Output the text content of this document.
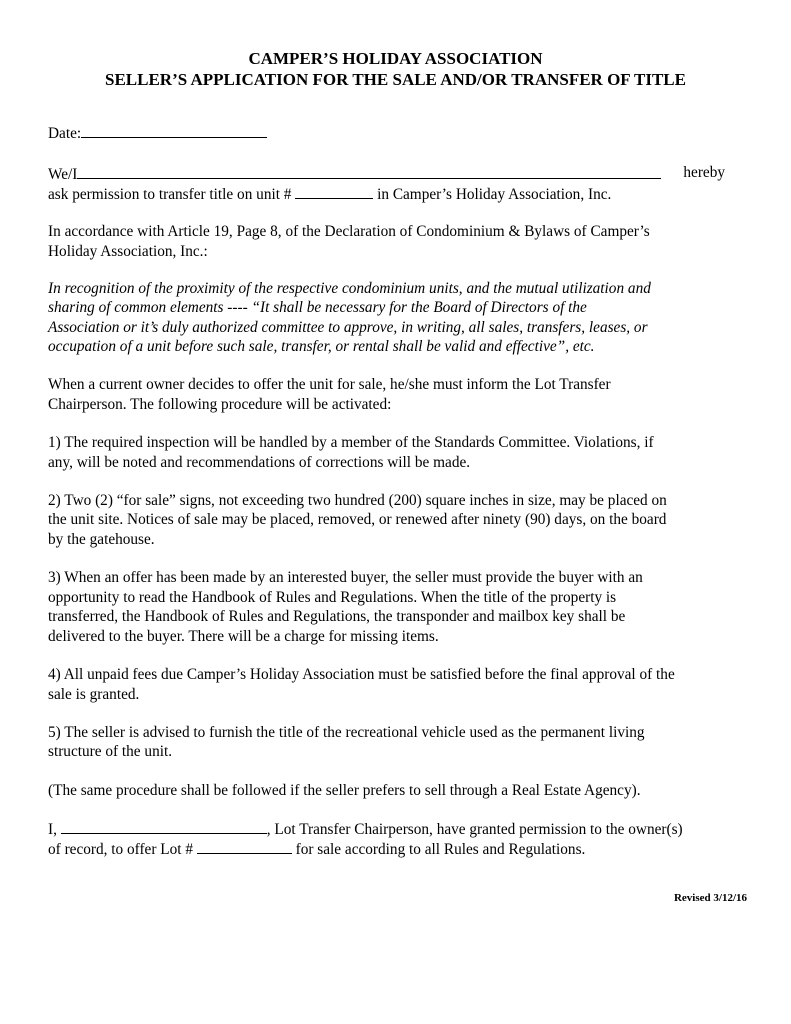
CAMPER’S HOLIDAY ASSOCIATION
SELLER’S APPLICATION FOR THE SALE AND/OR TRANSFER OF TITLE
Date:
We/I	hereby
ask permission to transfer title on unit #	in Camper’s Holiday Association, Inc.
In accordance with Article 19, Page 8, of the Declaration of Condominium & Bylaws of Camper’s
Holiday Association, Inc.:
In recognition of the proximity of the respective condominium units, and the mutual utilization and
sharing of common elements ---- “It shall be necessary for the Board of Directors of the
Association or it’s duly authorized committee to approve, in writing, all sales, transfers, leases, or
occupation of a unit before such sale, transfer, or rental shall be valid and effective”, etc.
When a current owner decides to offer the unit for sale, he/she must inform the Lot Transfer
Chairperson. The following procedure will be activated:
1) The required inspection will be handled by a member of the Standards Committee. Violations, if
any, will be noted and recommendations of corrections will be made.
2) Two (2) “for sale” signs, not exceeding two hundred (200) square inches in size, may be placed on
the unit site. Notices of sale may be placed, removed, or renewed after ninety (90) days, on the board
by the gatehouse.
3) When an offer has been made by an interested buyer, the seller must provide the buyer with an
opportunity to read the Handbook of Rules and Regulations. When the title of the property is
transferred, the Handbook of Rules and Regulations, the transponder and mailbox key shall be
delivered to the buyer. There will be a charge for missing items.
4) All unpaid fees due Camper’s Holiday Association must be satisfied before the final approval of the
sale is granted.
5) The seller is advised to furnish the title of the recreational vehicle used as the permanent living
structure of the unit.
(The same procedure shall be followed if the seller prefers to sell through a Real Estate Agency).
I,	, Lot Transfer Chairperson, have granted permission to the owner(s)
of record, to offer Lot #	for sale according to all Rules and Regulations.
Revised 3/12/16
